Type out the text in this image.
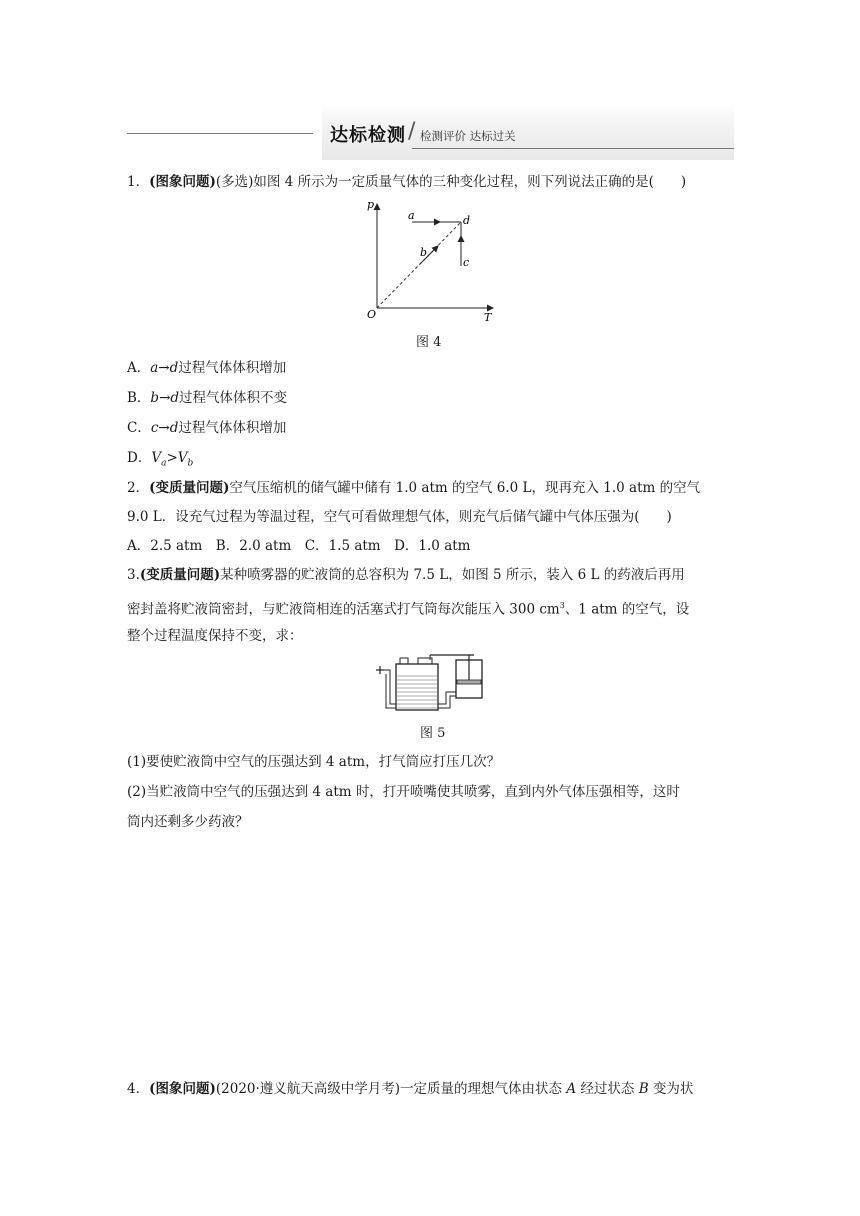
达标检测 / 检测评价 达标过关
1．(图象问题)(多选)如图 4 所示为一定质量气体的三种变化过程，则下列说法正确的是(　　)
p
T
O
a
b
c
d
图 4
A．a→d过程气体体积增加
B．b→d过程气体体积不变
C．c→d过程气体体积增加
D．$V_a>V_b$
2．(变质量问题)空气压缩机的储气罐中储有 1.0 atm 的空气 6.0 L，现再充入 1.0 atm 的空气
9.0 L．设充气过程为等温过程，空气可看做理想气体，则充气后储气罐中气体压强为(　　)
A．2.5 atm　B．2.0 atm　C．1.5 atm　D．1.0 atm
3.(变质量问题)某种喷雾器的贮液筒的总容积为 7.5 L，如图 5 所示，装入 6 L 的药液后再用
密封盖将贮液筒密封，与贮液筒相连的活塞式打气筒每次能压入 300 $cm^3$、1 atm 的空气，设
整个过程温度保持不变，求：
图 5
(1)要使贮液筒中空气的压强达到 4 atm，打气筒应打压几次？
(2)当贮液筒中空气的压强达到 4 atm 时，打开喷嘴使其喷雾，直到内外气体压强相等，这时
筒内还剩多少药液？
4．(图象问题)(2020·遵义航天高级中学月考)一定质量的理想气体由状态 A 经过状态 B 变为状
